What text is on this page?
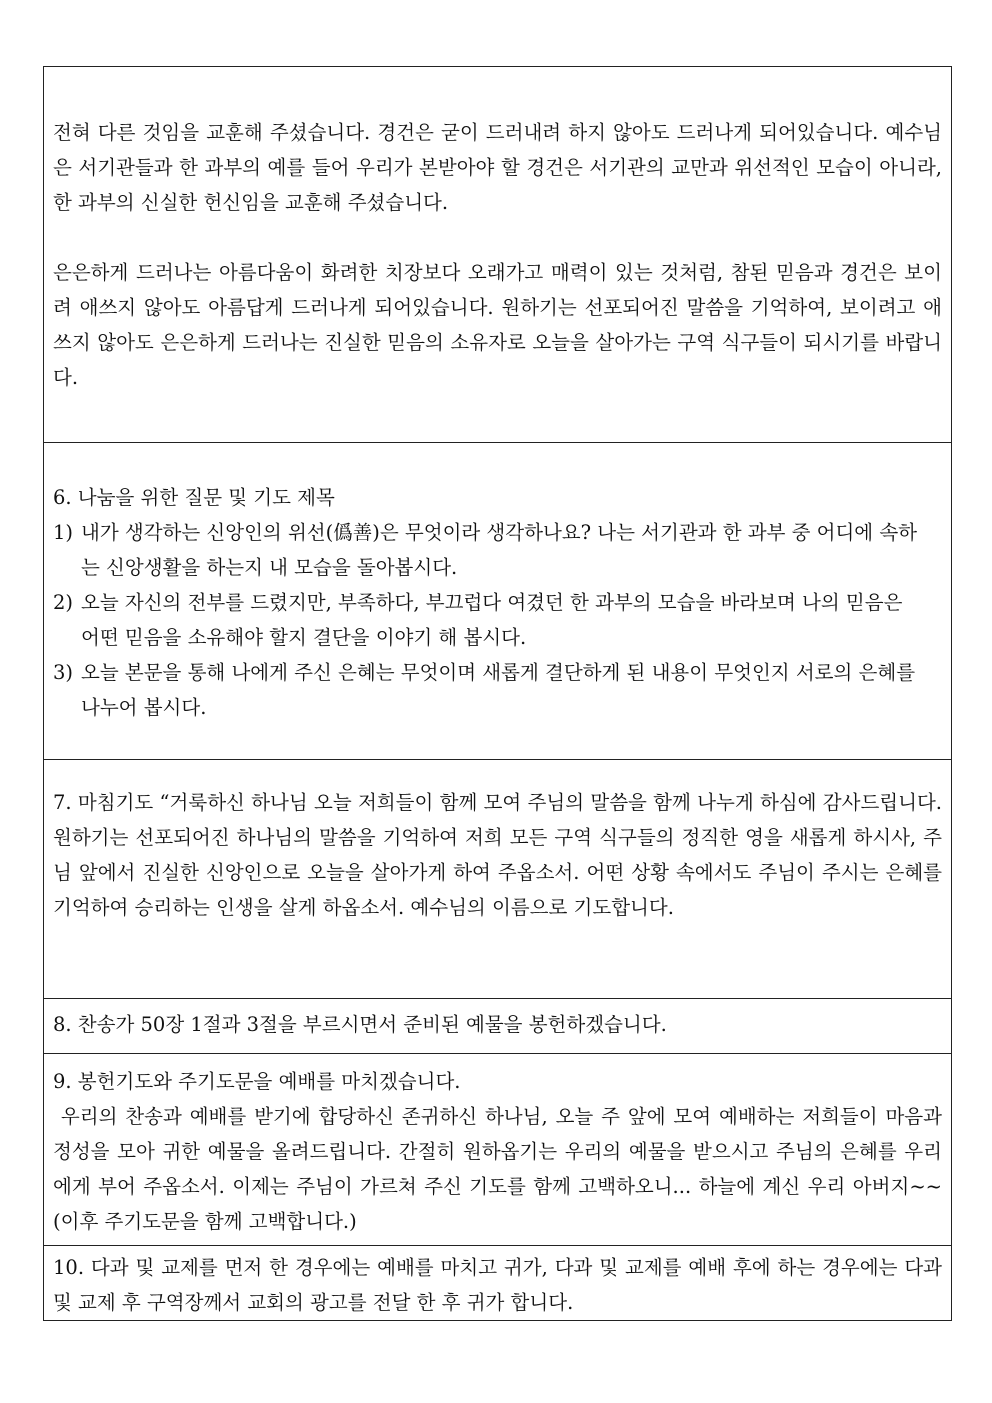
전혀 다른 것임을 교훈해 주셨습니다. 경건은 굳이 드러내려 하지 않아도 드러나게 되어있습니다. 예수님은 서기관들과 한 과부의 예를 들어 우리가 본받아야 할 경건은 서기관의 교만과 위선적인 모습이 아니라, 한 과부의 신실한 헌신임을 교훈해 주셨습니다.

은은하게 드러나는 아름다움이 화려한 치장보다 오래가고 매력이 있는 것처럼, 참된 믿음과 경건은 보이려 애쓰지 않아도 아름답게 드러나게 되어있습니다. 원하기는 선포되어진 말씀을 기억하여, 보이려고 애쓰지 않아도 은은하게 드러나는 진실한 믿음의 소유자로 오늘을 살아가는 구역 식구들이 되시기를 바랍니다.

6. 나눔을 위한 질문 및 기도 제목

1) 내가 생각하는 신앙인의 위선(僞善)은 무엇이라 생각하나요? 나는 서기관과 한 과부 중 어디에 속하는 신앙생활을 하는지 내 모습을 돌아봅시다.
2) 오늘 자신의 전부를 드렸지만, 부족하다, 부끄럽다 여겼던 한 과부의 모습을 바라보며 나의 믿음은 어떤 믿음을 소유해야 할지 결단을 이야기 해 봅시다.
3) 오늘 본문을 통해 나에게 주신 은혜는 무엇이며 새롭게 결단하게 된 내용이 무엇인지 서로의 은혜를 나누어 봅시다.

7. 마침기도 “거룩하신 하나님 오늘 저희들이 함께 모여 주님의 말씀을 함께 나누게 하심에 감사드립니다. 원하기는 선포되어진 하나님의 말씀을 기억하여 저희 모든 구역 식구들의 정직한 영을 새롭게 하시사, 주님 앞에서 진실한 신앙인으로 오늘을 살아가게 하여 주옵소서. 어떤 상황 속에서도 주님이 주시는 은혜를 기억하여 승리하는 인생을 살게 하옵소서. 예수님의 이름으로 기도합니다.

8. 찬송가 50장 1절과 3절을 부르시면서 준비된 예물을 봉헌하겠습니다.

9. 봉헌기도와 주기도문을 예배를 마치겠습니다.

우리의 찬송과 예배를 받기에 합당하신 존귀하신 하나님, 오늘 주 앞에 모여 예배하는 저희들이 마음과 정성을 모아 귀한 예물을 올려드립니다. 간절히 원하옵기는 우리의 예물을 받으시고 주님의 은혜를 우리에게 부어 주옵소서. 이제는 주님이 가르쳐 주신 기도를 함께 고백하오니... 하늘에 계신 우리 아버지~~(이후 주기도문을 함께 고백합니다.)

10. 다과 및 교제를 먼저 한 경우에는 예배를 마치고 귀가, 다과 및 교제를 예배 후에 하는 경우에는 다과 및 교제 후 구역장께서 교회의 광고를 전달 한 후 귀가 합니다.
